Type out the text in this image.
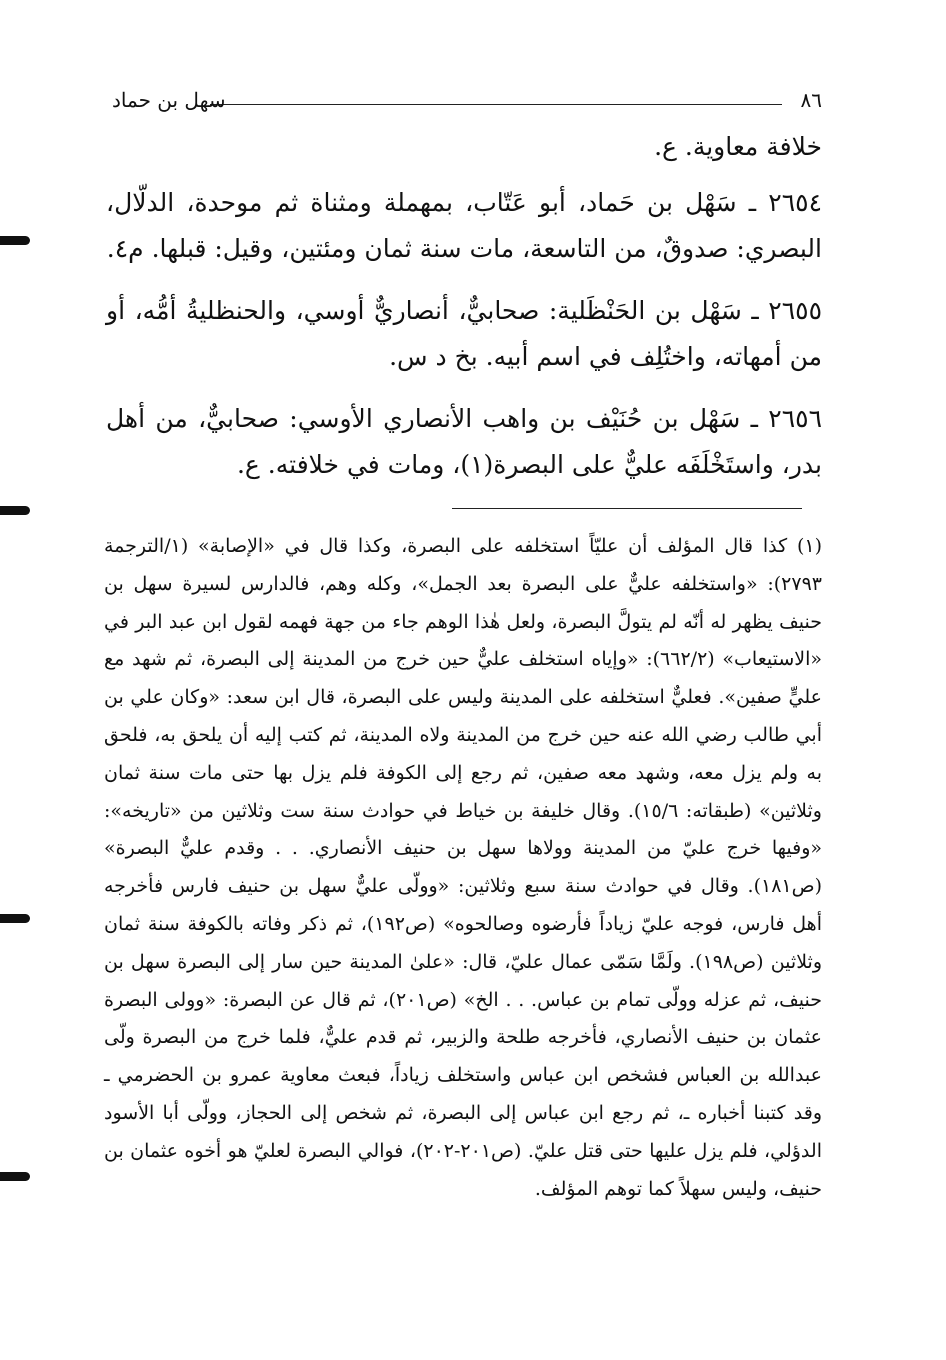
٨٦
سهل بن حماد

خلافة معاوية. ع.

٢٦٥٤ ـ سَهْل بن حَماد، أبو عَتّاب، بمهملة ومثناة ثم موحدة، الدلّال، البصري: صدوقٌ، من التاسعة، مات سنة ثمان ومئتين، وقيل: قبلها. م٤.

٢٦٥٥ ـ سَهْل بن الحَنْظَلية: صحابيٌّ، أنصاريٌّ أوسي، والحنظليةُ أمُّه، أو من أمهاته، واختُلِف في اسم أبيه. بخ د س.

٢٦٥٦ ـ سَهْل بن حُنَيْف بن واهب الأنصاري الأوسي: صحابيٌّ، من أهل بدر، واستَخْلَفَه عليٌّ على البصرة(١)، ومات في خلافته. ع.

(١) كذا قال المؤلف أن عليّاً استخلفه على البصرة، وكذا قال في «الإصابة» (١/الترجمة ٢٧٩٣): «واستخلفه عليٌّ على البصرة بعد الجمل»، وكله وهم، فالدارس لسيرة سهل بن حنيف يظهر له أنّه لم يتولَّ البصرة، ولعل هٰذا الوهم جاء من جهة فهمه لقول ابن عبد البر في «الاستيعاب» (٦٦٢/٢): «وإياه استخلف عليٌّ حين خرج من المدينة إلى البصرة، ثم شهد مع عليٍّ صفين». فعليٌّ استخلفه على المدينة وليس على البصرة، قال ابن سعد: «وكان علي بن أبي طالب رضي الله عنه حين خرج من المدينة ولاه المدينة، ثم كتب إليه أن يلحق به، فلحق به ولم يزل معه، وشهد معه صفين، ثم رجع إلى الكوفة فلم يزل بها حتى مات سنة ثمان وثلاثين» (طبقاته: ١٥/٦). وقال خليفة بن خياط في حوادث سنة ست وثلاثين من «تاريخه»: «وفيها خرج عليّ من المدينة وولاها سهل بن حنيف الأنصاري. . . وقدم عليٌّ البصرة» (ص١٨١). وقال في حوادث سنة سبع وثلاثين: «وولّى عليٌّ سهل بن حنيف فارس فأخرجه أهل فارس، فوجه عليّ زياداً فأرضوه وصالحوه» (ص١٩٢)، ثم ذكر وفاته بالكوفة سنة ثمان وثلاثين (ص١٩٨). ولَمَّا سَمّى عمال عليّ، قال: «علىٰ المدينة حين سار إلى البصرة سهل بن حنيف، ثم عزله وولّى تمام بن عباس. . . الخ» (ص٢٠١)، ثم قال عن البصرة: «وولى البصرة عثمان بن حنيف الأنصاري، فأخرجه طلحة والزبير، ثم قدم عليٌّ، فلما خرج من البصرة ولّى عبدالله بن العباس فشخص ابن عباس واستخلف زياداً، فبعث معاوية عمرو بن الحضرمي ـ وقد كتبنا أخباره ـ، ثم رجع ابن عباس إلى البصرة، ثم شخص إلى الحجاز، وولّى أبا الأسود الدؤلي، فلم يزل عليها حتى قتل عليّ. (ص٢٠١-٢٠٢)، فوالي البصرة لعليّ هو أخوه عثمان بن حنيف، وليس سهلاً كما توهم المؤلف.
